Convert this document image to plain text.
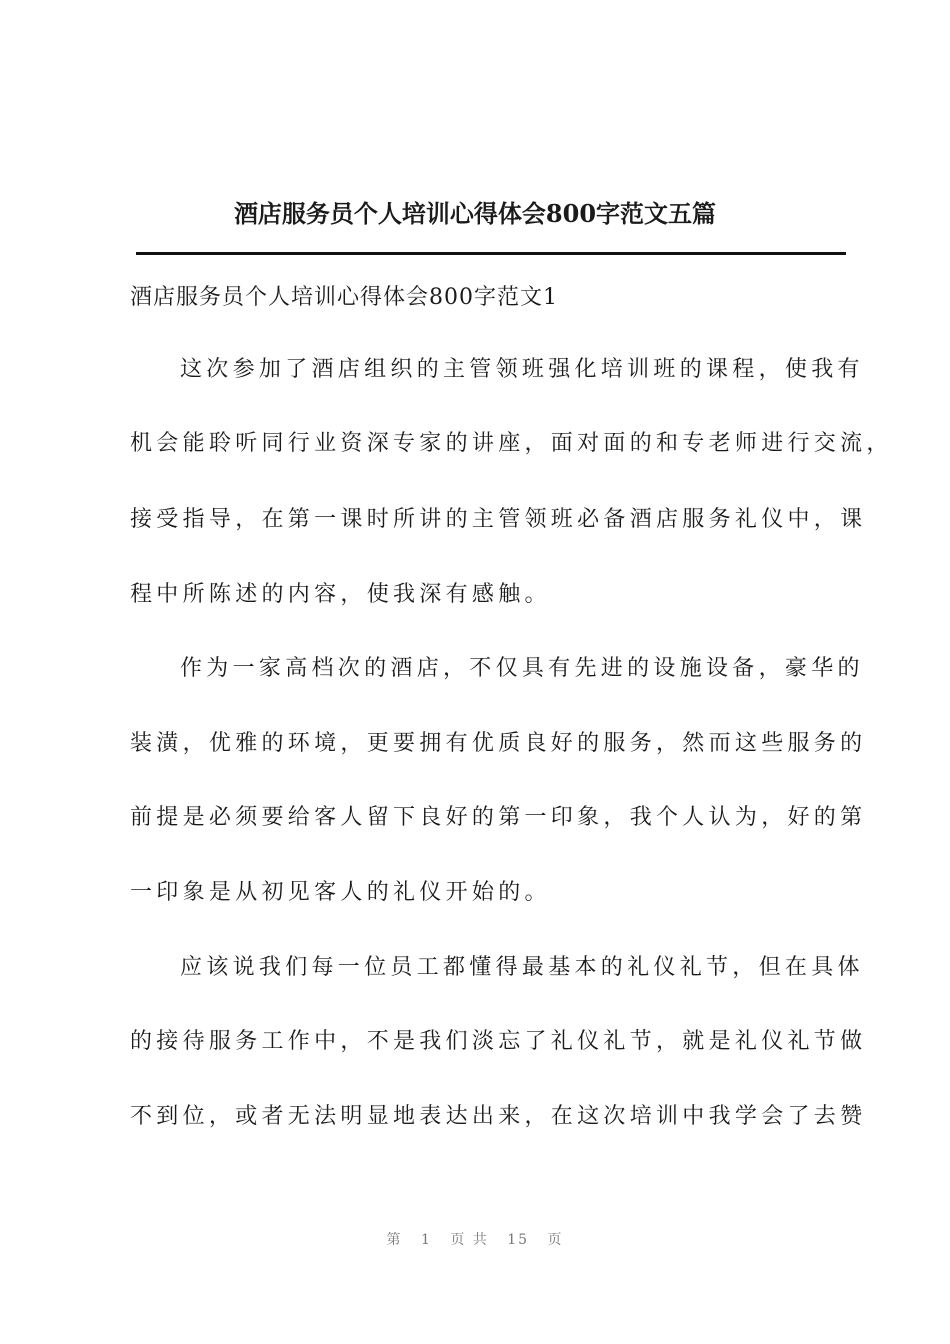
酒店服务员个人培训心得体会800字范文五篇
酒店服务员个人培训心得体会800字范文1
这次参加了酒店组织的主管领班强化培训班的课程，使我有
机会能聆听同行业资深专家的讲座，面对面的和专老师进行交流，
接受指导，在第一课时所讲的主管领班必备酒店服务礼仪中，课
程中所陈述的内容，使我深有感触。
作为一家高档次的酒店，不仅具有先进的设施设备，豪华的
装潢，优雅的环境，更要拥有优质良好的服务，然而这些服务的
前提是必须要给客人留下良好的第一印象，我个人认为，好的第
一印象是从初见客人的礼仪开始的。
应该说我们每一位员工都懂得最基本的礼仪礼节，但在具体
的接待服务工作中，不是我们淡忘了礼仪礼节，就是礼仪礼节做
不到位，或者无法明显地表达出来，在这次培训中我学会了去赞
第 1 页 共 15 页
